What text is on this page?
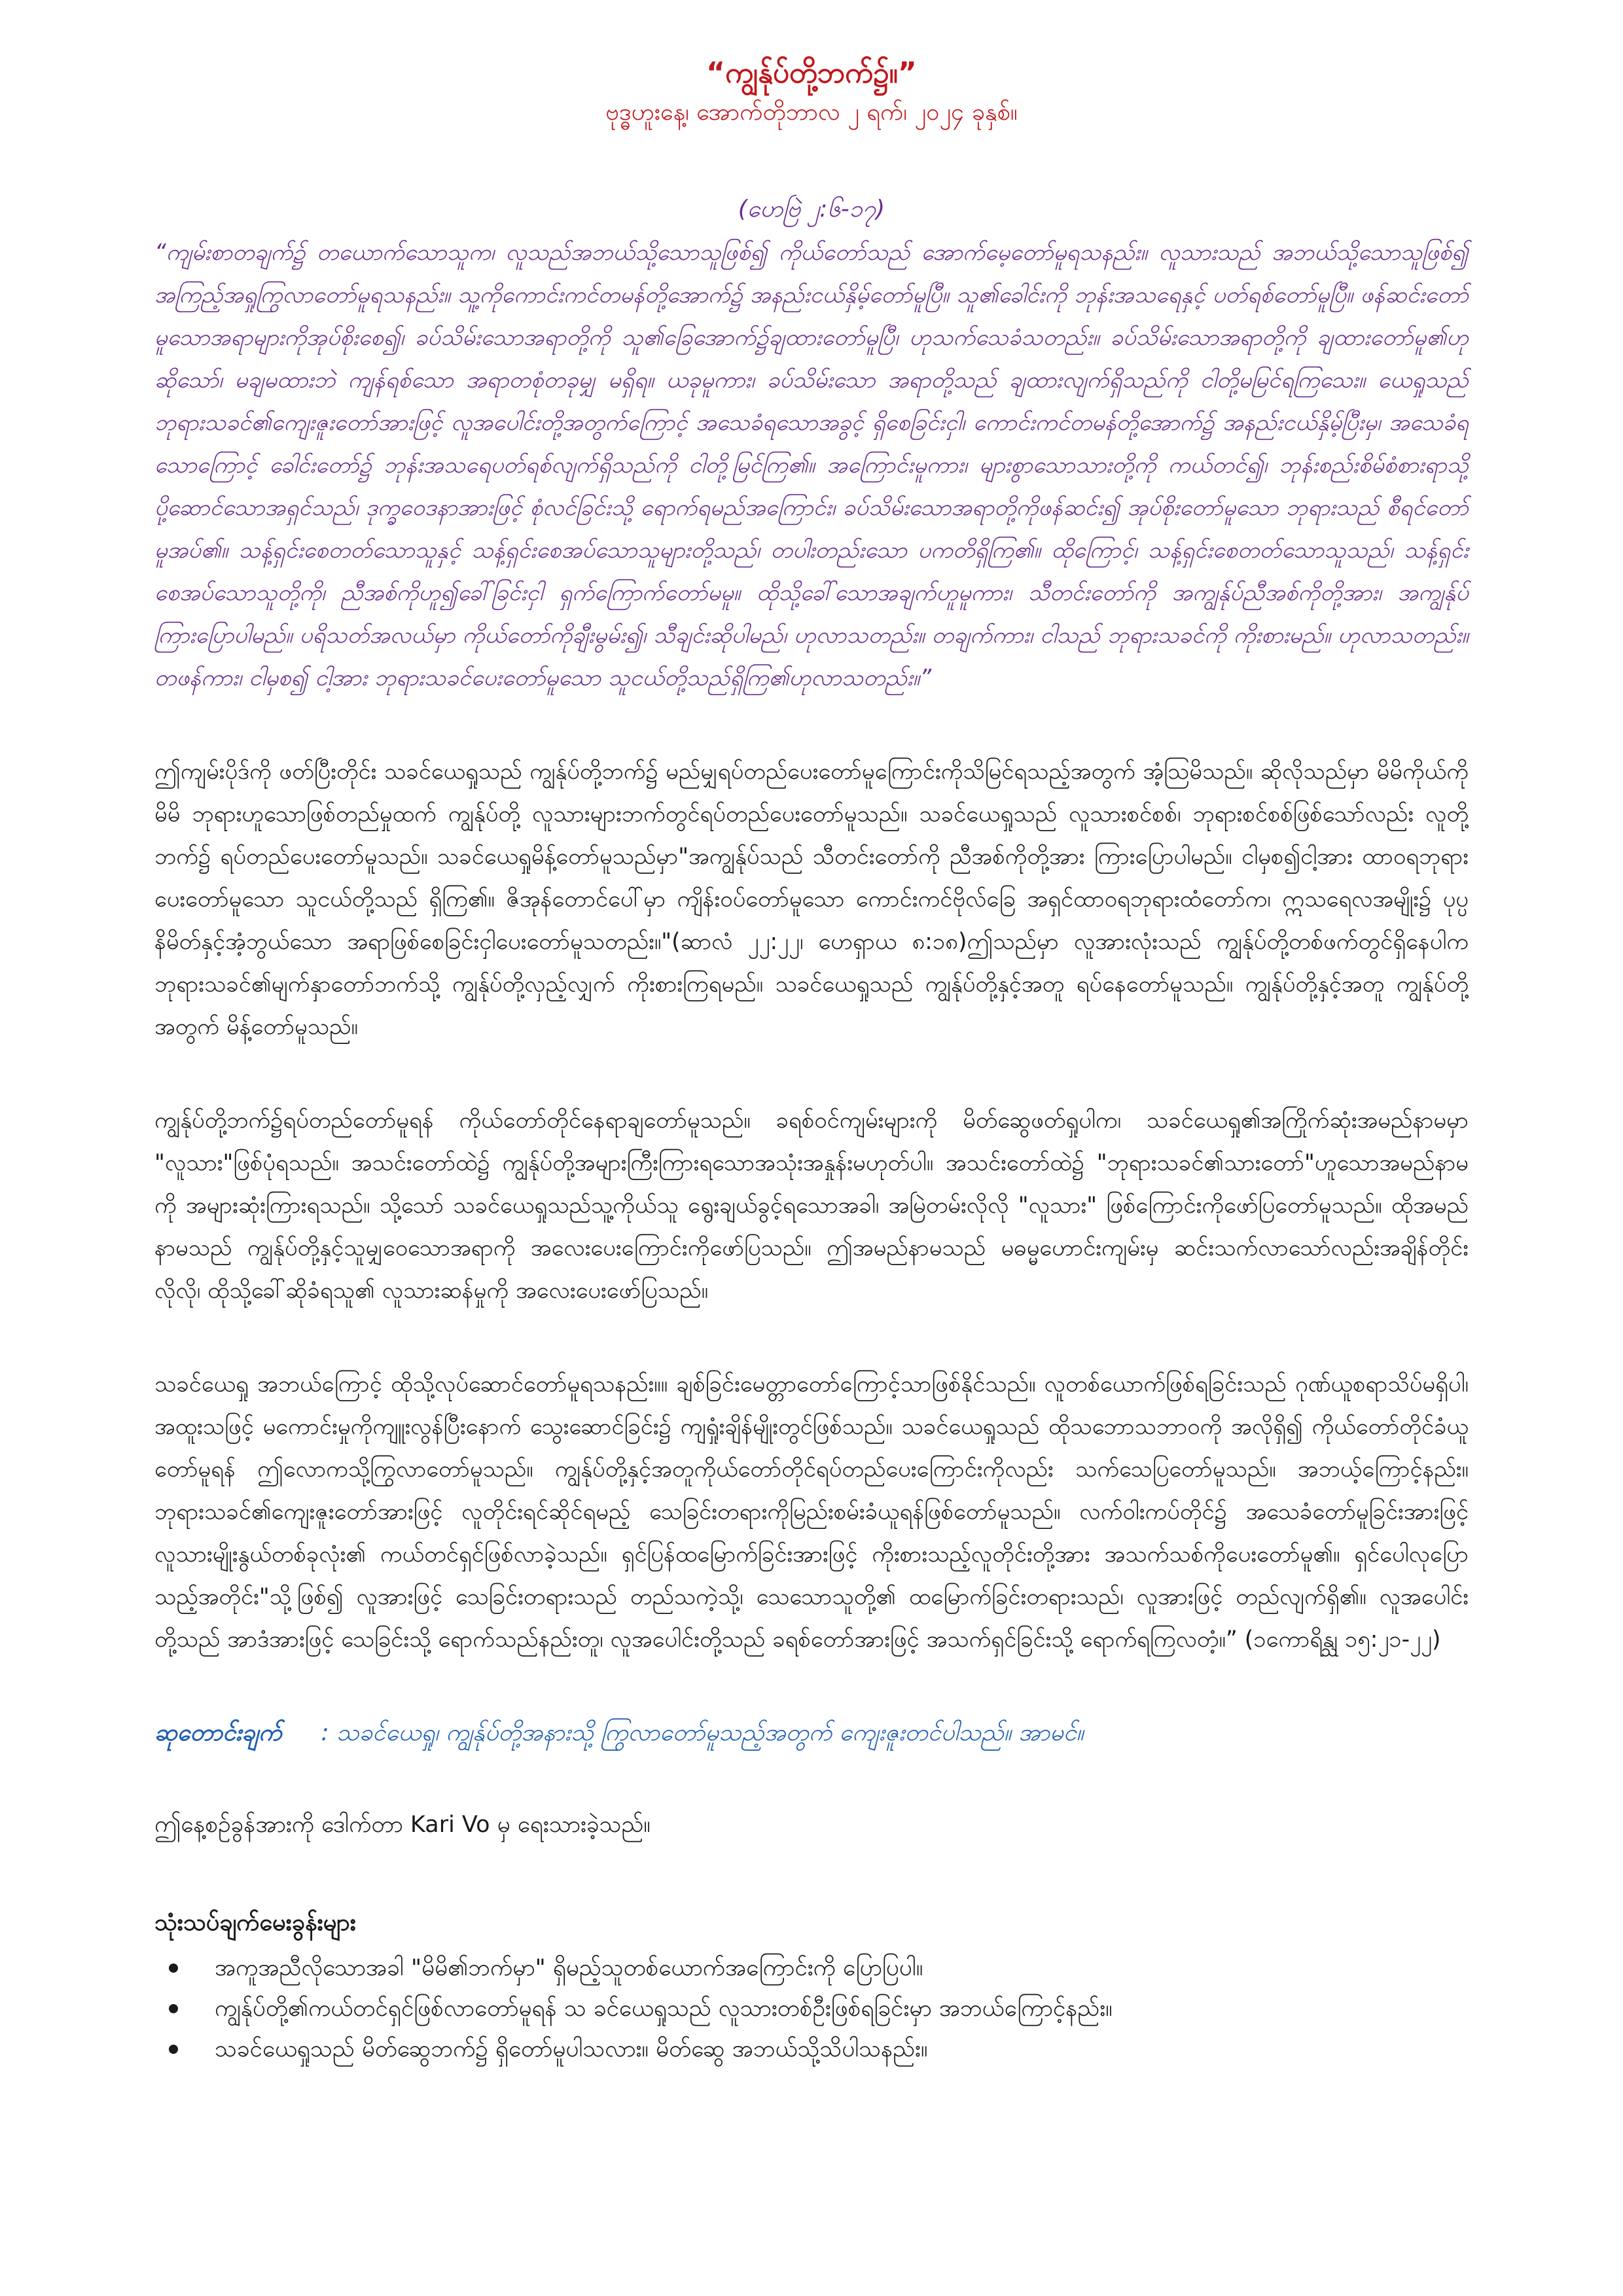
“ကျွန်ုပ်တို့ဘက်၌။”

ဗုဒ္ဓဟူးနေ့၊ အောက်တိုဘာလ ၂ ရက်၊ ၂၀၂၄ ခုနှစ်။

(ဟေဗြဲ ၂:၆-၁၇)

“ကျမ်းစာတချက်၌ တယောက်သောသူက၊ လူသည်အဘယ်သို့သောသူဖြစ်၍ ကိုယ်တော်သည် အောက်မေ့တော်မူရသနည်း။ လူသားသည် အဘယ်သို့သောသူဖြစ်၍ အကြည့်အရှုကြွလာတော်မူရသနည်း။ သူ့ကိုကောင်းကင်တမန်တို့အောက်၌ အနည်းငယ်နှိမ့်တော်မူပြီ။ သူ၏ခေါင်းကို ဘုန်းအသရေနှင့် ပတ်ရစ်တော်မူပြီ။ ဖန်ဆင်းတော်မူသောအရာများကိုအုပ်စိုးစေ၍၊ ခပ်သိမ်းသောအရာတို့ကို သူ၏ခြေအောက်၌ချထားတော်မူပြီ၊ ဟုသက်သေခံသတည်း။ ခပ်သိမ်းသောအရာတို့ကို ချထားတော်မူ၏ဟုဆိုသော်၊ မချမထားဘဲ ကျန်ရစ်သော အရာတစုံတခုမျှ မရှိရ။ ယခုမူကား၊ ခပ်သိမ်းသော အရာတို့သည် ချထားလျက်ရှိသည်ကို ငါတို့မမြင်ရကြသေး။ ယေရှုသည် ဘုရားသခင်၏ကျေးဇူးတော်အားဖြင့် လူအပေါင်းတို့အတွက်ကြောင့် အသေခံရသောအခွင့် ရှိစေခြင်းငှါ၊ ကောင်းကင်တမန်တို့အောက်၌ အနည်းငယ်နှိမ့်ပြီးမှ၊ အသေခံရသောကြောင့် ခေါင်းတော်၌ ဘုန်းအသရေပတ်ရစ်လျက်ရှိသည်ကို ငါတို့မြင်ကြ၏။ အကြောင်းမူကား၊ များစွာသောသားတို့ကို ကယ်တင်၍၊ ဘုန်းစည်းစိမ်စံစားရာသို့ ပို့ဆောင်သောအရှင်သည်၊ ဒုက္ခဝေဒနာအားဖြင့် စုံလင်ခြင်းသို့ ရောက်ရမည်အကြောင်း၊ ခပ်သိမ်းသောအရာတို့ကိုဖန်ဆင်း၍ အုပ်စိုးတော်မူသော ဘုရားသည် စီရင်တော်မူအပ်၏။ သန့်ရှင်းစေတတ်သောသူနှင့် သန့်ရှင်းစေအပ်သောသူများတို့သည်၊ တပါးတည်းသော ပကတိရှိကြ၏။ ထိုကြောင့်၊ သန့်ရှင်းစေတတ်သောသူသည်၊ သန့်ရှင်းစေအပ်သောသူတို့ကို၊ ညီအစ်ကိုဟူ၍ခေါ်ခြင်းငှါ ရှက်ကြောက်တော်မမူ။ ထိုသို့ခေါ်သောအချက်ဟူမူကား၊ သီတင်းတော်ကို အကျွန်ုပ်ညီအစ်ကိုတို့အား၊ အကျွန်ုပ်ကြားပြောပါမည်။ ပရိသတ်အလယ်မှာ ကိုယ်တော်ကိုချီးမွမ်း၍၊ သီချင်းဆိုပါမည်၊ ဟုလာသတည်း။ တချက်ကား၊ ငါသည် ဘုရားသခင်ကို ကိုးစားမည်။ ဟုလာသတည်း။ တဖန်ကား၊ ငါမှစ၍ ငါ့အား ဘုရားသခင်ပေးတော်မူသော သူငယ်တို့သည်ရှိကြ၏ဟုလာသတည်း။”

ဤကျမ်းပိုဒ်ကို ဖတ်ပြီးတိုင်း သခင်ယေရှုသည် ကျွန်ုပ်တို့ဘက်၌ မည်မျှရပ်တည်ပေးတော်မူကြောင်းကိုသိမြင်ရသည့်အတွက် အံ့သြမိသည်။ ဆိုလိုသည်မှာ မိမိကိုယ်ကိုမိမိ ဘုရားဟူသောဖြစ်တည်မှုထက် ကျွန်ုပ်တို့ လူသားများဘက်တွင်ရပ်တည်ပေးတော်မူသည်။ သခင်ယေရှုသည် လူသားစင်စစ်၊ ဘုရားစင်စစ်ဖြစ်သော်လည်း လူတို့ဘက်၌ ရပ်တည်ပေးတော်မူသည်။ သခင်ယေရှုမိန့်တော်မူသည်မှာ"အကျွန်ုပ်သည် သီတင်းတော်ကို ညီအစ်ကိုတို့အား ကြားပြောပါမည်။ ငါမှစ၍ငါ့အား ထာဝရဘုရားပေးတော်မူသော သူငယ်တို့သည် ရှိကြ၏။ ဇိအုန်တောင်ပေါ်မှာ ကျိန်းဝပ်တော်မူသော ကောင်းကင်ဗိုလ်ခြေ အရှင်ထာဝရဘုရားထံတော်က၊ ဣသရေလအမျိုး၌ ပုပ္ပနိမိတ်နှင့်အံ့ဘွယ်သော အရာဖြစ်စေခြင်းငှါပေးတော်မူသတည်း။"(ဆာလံ ၂၂:၂၂၊ ဟေရှာယ ၈:၁၈)ဤသည်မှာ လူအားလုံးသည် ကျွန်ုပ်တို့တစ်ဖက်တွင်ရှိနေပါက ဘုရားသခင်၏မျက်နှာတော်ဘက်သို့ ကျွန်ုပ်တို့လှည့်လျှက် ကိုးစားကြရမည်။ သခင်ယေရှုသည် ကျွန်ုပ်တို့နှင့်အတူ ရပ်နေတော်မူသည်။ ကျွန်ုပ်တို့နှင့်အတူ ကျွန်ုပ်တို့အတွက် မိန့်တော်မူသည်။

ကျွန်ုပ်တို့ဘက်၌ရပ်တည်တော်မူရန် ကိုယ်တော်တိုင်နေရာချတော်မူသည်။ ခရစ်ဝင်ကျမ်းများကို မိတ်ဆွေဖတ်ရှုပါက၊ သခင်ယေရှု၏အကြိုက်ဆုံးအမည်နာမမှာ "လူသား"ဖြစ်ပုံရသည်။ အသင်းတော်ထဲ၌ ကျွန်ုပ်တို့အများကြီးကြားရသောအသုံးအနှုန်းမဟုတ်ပါ။ အသင်းတော်ထဲ၌ "ဘုရားသခင်၏သားတော်"ဟူသောအမည်နာမကို အများဆုံးကြားရသည်။ သို့သော် သခင်ယေရှုသည်သူ့ကိုယ်သူ ရွေးချယ်ခွင့်ရသောအခါ၊ အမြဲတမ်းလိုလို "လူသား" ဖြစ်ကြောင်းကိုဖော်ပြတော်မူသည်။ ထိုအမည်နာမသည် ကျွန်ုပ်တို့နှင့်သူမျှဝေသောအရာကို အလေးပေးကြောင်းကိုဖော်ပြသည်။ ဤအမည်နာမသည် မဓမ္မဟောင်းကျမ်းမှ ဆင်းသက်လာသော်လည်းအချိန်တိုင်းလိုလို၊ ထိုသို့ခေါ်ဆိုခံရသူ၏ လူသားဆန်မှုကို အလေးပေးဖော်ပြသည်။

သခင်ယေရှု အဘယ်ကြောင့် ထိုသို့လုပ်ဆောင်တော်မူရသနည်း။။ ချစ်ခြင်းမေတ္တာတော်ကြောင့်သာဖြစ်နိုင်သည်။ လူတစ်ယောက်ဖြစ်ရခြင်းသည် ဂုဏ်ယူစရာသိပ်မရှိပါ၊ အထူးသဖြင့် မကောင်းမှုကိုကျူးလွန်ပြီးနောက် သွေးဆောင်ခြင်း၌ ကျရှုံးချိန်မျိုးတွင်ဖြစ်သည်။ သခင်ယေရှုသည် ထိုသဘောသဘာဝကို အလိုရှိ၍ ကိုယ်တော်တိုင်ခံယူတော်မူရန် ဤလောကသို့ကြွလာတော်မူသည်။ ကျွန်ုပ်တို့နှင့်အတူကိုယ်တော်တိုင်ရပ်တည်ပေးကြောင်းကိုလည်း သက်သေပြတော်မူသည်။ အဘယ့်ကြောင့်နည်း။ ဘုရားသခင်၏ကျေးဇူးတော်အားဖြင့် လူတိုင်းရင်ဆိုင်ရမည့် သေခြင်းတရားကိုမြည်းစမ်းခံယူရန်ဖြစ်တော်မူသည်။ လက်ဝါးကပ်တိုင်၌ အသေခံတော်မူခြင်းအားဖြင့် လူသားမျိုးနွယ်တစ်ခုလုံး၏ ကယ်တင်ရှင်ဖြစ်လာခဲ့သည်။ ရှင်ပြန်ထမြောက်ခြင်းအားဖြင့် ကိုးစားသည့်လူတိုင်းတို့အား အသက်သစ်ကိုပေးတော်မူ၏။ ရှင်ပေါလုပြောသည့်အတိုင်း"သို့ဖြစ်၍ လူအားဖြင့် သေခြင်းတရားသည် တည်သကဲ့သို့၊ သေသောသူတို့၏ ထမြောက်ခြင်းတရားသည်၊ လူအားဖြင့် တည်လျက်ရှိ၏။ လူအပေါင်းတို့သည် အာဒံအားဖြင့် သေခြင်းသို့ ရောက်သည်နည်းတူ၊ လူအပေါင်းတို့သည် ခရစ်တော်အားဖြင့် အသက်ရှင်ခြင်းသို့ ရောက်ရကြလတံ့။” (၁ကောရိန္သု ၁၅:၂၁-၂၂)

ဆုတောင်းချက် : သခင်ယေရှု၊ ကျွန်ုပ်တို့အနားသို့ ကြွလာတော်မူသည့်အတွက် ကျေးဇူးတင်ပါသည်။ အာမင်။

ဤနေ့စဉ်ခွန်အားကို ဒေါက်တာ Kari Vo မှ ရေးသားခဲ့သည်။

သုံးသပ်ချက်မေးခွန်းများ

အကူအညီလိုသောအခါ "မိမိ၏ဘက်မှာ" ရှိမည့်သူတစ်ယောက်အကြောင်းကို ပြောပြပါ။
ကျွန်ုပ်တို့၏ကယ်တင်ရှင်ဖြစ်လာတော်မူရန် သ ခင်ယေရှုသည် လူသားတစ်ဦးဖြစ်ရခြင်းမှာ အဘယ်ကြောင့်နည်း။
သခင်ယေရှုသည် မိတ်ဆွေဘက်၌ ရှိတော်မူပါသလား။ မိတ်ဆွေ အဘယ်သို့သိပါသနည်း။
